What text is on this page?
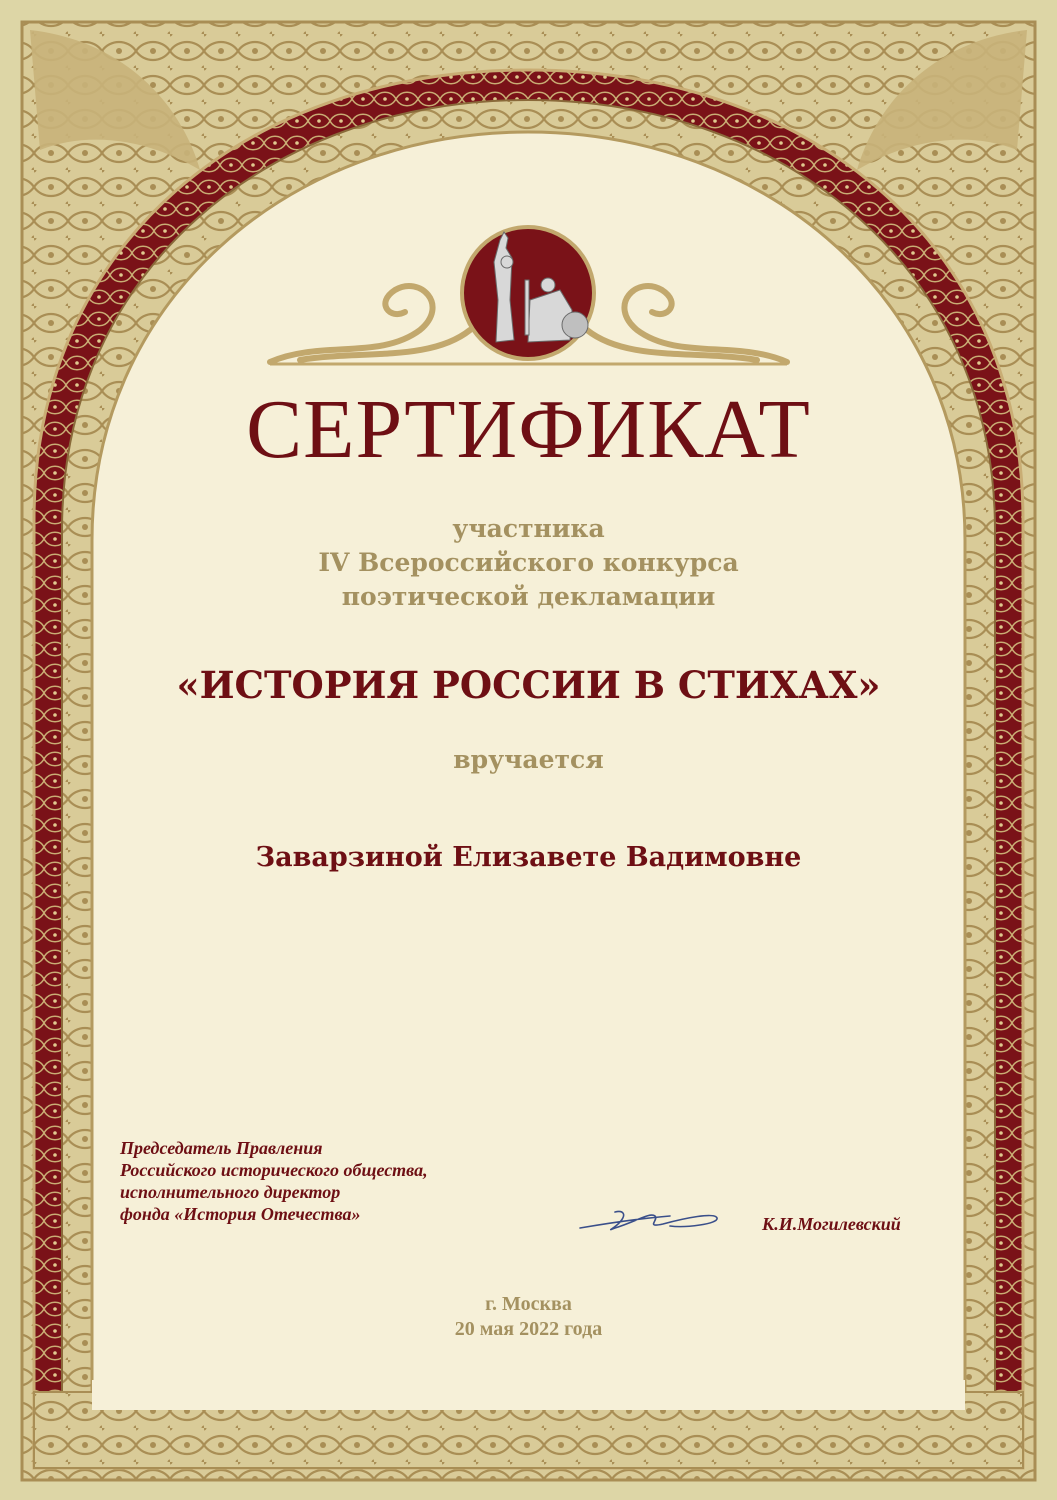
СЕРТИФИКАТ
участника
IV Всероссийского конкурса
поэтической декламации
«ИСТОРИЯ РОССИИ В СТИХАХ»
вручается
Заварзиной Елизавете Вадимовне
Председатель Правления
Российского исторического общества,
исполнительного директор
фонда «История Отечества»	К.И.Могилевский
г. Москва
20 мая 2022 года
